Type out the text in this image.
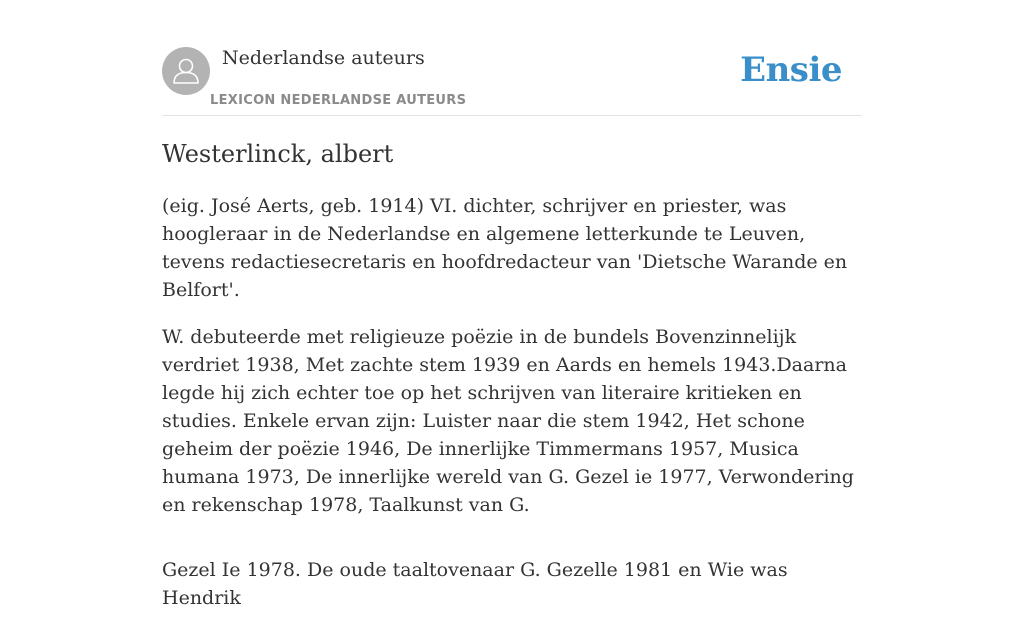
Nederlandse auteurs
LEXICON NEDERLANDSE AUTEURS
Ensie
Westerlinck, albert

(eig. José Aerts, geb. 1914) VI. dichter, schrijver en priester, was hoogleraar in de Nederlandse en algemene letterkunde te Leuven, tevens redactiesecretaris en hoofdredacteur van 'Dietsche Warande en Belfort'.

W. debuteerde met religieuze poëzie in de bundels Bovenzinnelijk verdriet 1938, Met zachte stem 1939 en Aards en hemels 1943.Daarna legde hij zich echter toe op het schrijven van literaire kritieken en studies. Enkele ervan zijn: Luister naar die stem 1942, Het schone geheim der poëzie 1946, De innerlijke Timmermans 1957, Musica humana 1973, De innerlijke wereld van G. Gezel ie 1977, Verwondering en rekenschap 1978, Taalkunst van G.

Gezel Ie 1978. De oude taaltovenaar G. Gezelle 1981 en Wie was Hendrik
